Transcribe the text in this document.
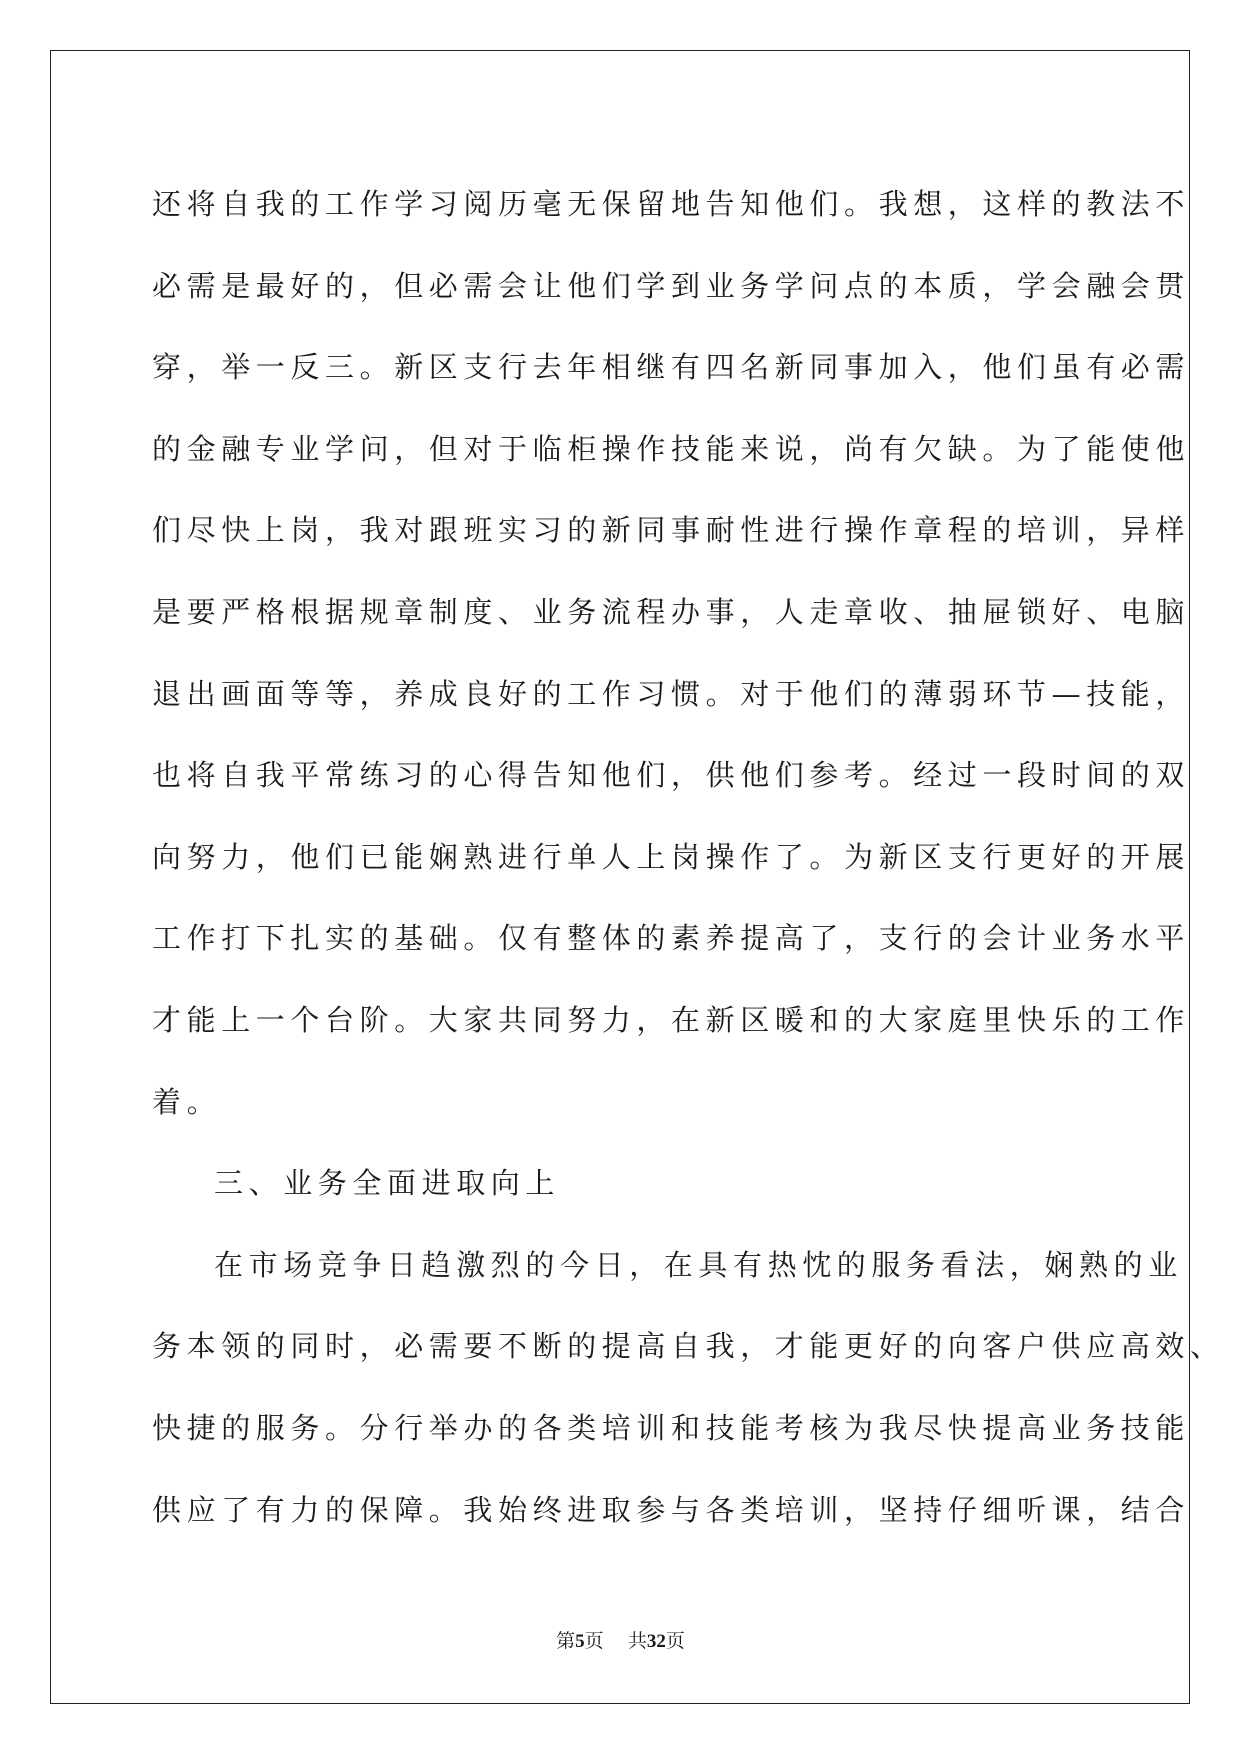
还将自我的工作学习阅历毫无保留地告知他们。我想，这样的教法不
必需是最好的，但必需会让他们学到业务学问点的本质，学会融会贯
穿，举一反三。新区支行去年相继有四名新同事加入，他们虽有必需
的金融专业学问，但对于临柜操作技能来说，尚有欠缺。为了能使他
们尽快上岗，我对跟班实习的新同事耐性进行操作章程的培训，异样
是要严格根据规章制度、业务流程办事，人走章收、抽屉锁好、电脑
退出画面等等，养成良好的工作习惯。对于他们的薄弱环节—技能，
也将自我平常练习的心得告知他们，供他们参考。经过一段时间的双
向努力，他们已能娴熟进行单人上岗操作了。为新区支行更好的开展
工作打下扎实的基础。仅有整体的素养提高了，支行的会计业务水平
才能上一个台阶。大家共同努力，在新区暖和的大家庭里快乐的工作
着。
三、业务全面进取向上
在市场竞争日趋激烈的今日，在具有热忱的服务看法，娴熟的业
务本领的同时，必需要不断的提高自我，才能更好的向客户供应高效、
快捷的服务。分行举办的各类培训和技能考核为我尽快提高业务技能
供应了有力的保障。我始终进取参与各类培训，坚持仔细听课，结合
第5页    共32页
